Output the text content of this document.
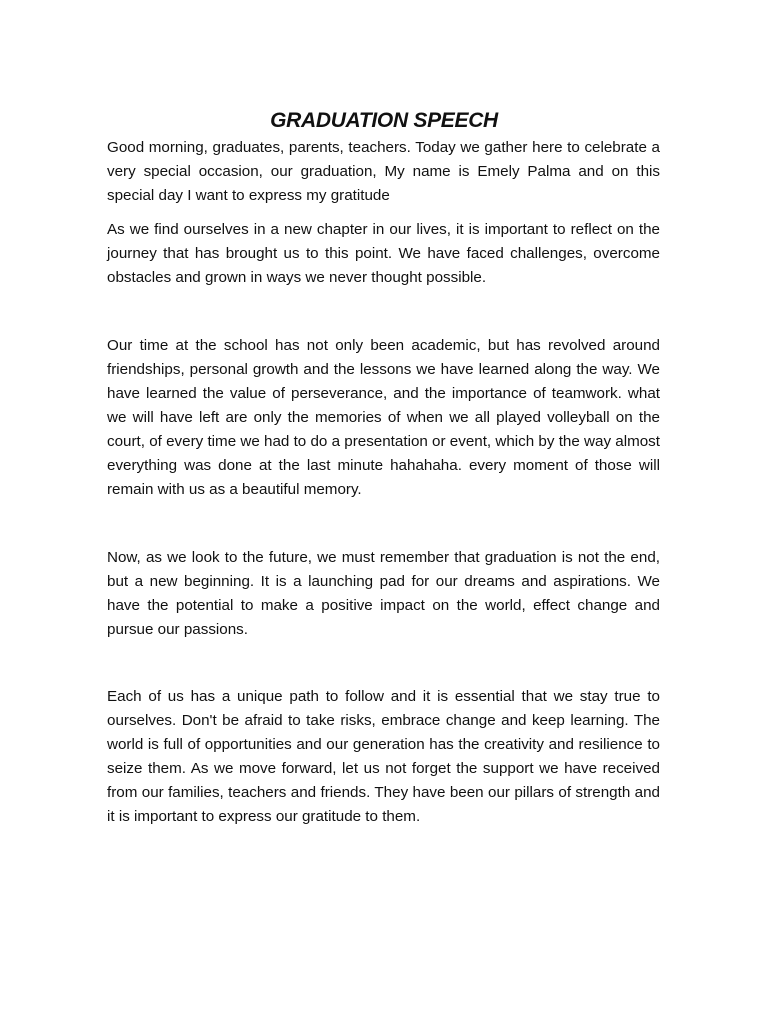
GRADUATION SPEECH

Good morning, graduates, parents, teachers. Today we gather here to celebrate a very special occasion, our graduation, My name is Emely Palma and on this special day I want to express my gratitude

As we find ourselves in a new chapter in our lives, it is important to reflect on the journey that has brought us to this point. We have faced challenges, overcome obstacles and grown in ways we never thought possible.

Our time at the school has not only been academic, but has revolved around friendships, personal growth and the lessons we have learned along the way. We have learned the value of perseverance, and the importance of teamwork. what we will have left are only the memories of when we all played volleyball on the court, of every time we had to do a presentation or event, which by the way almost everything was done at the last minute hahahaha. every moment of those will remain with us as a beautiful memory.

Now, as we look to the future, we must remember that graduation is not the end, but a new beginning. It is a launching pad for our dreams and aspirations. We have the potential to make a positive impact on the world, effect change and pursue our passions.

Each of us has a unique path to follow and it is essential that we stay true to ourselves. Don't be afraid to take risks, embrace change and keep learning. The world is full of opportunities and our generation has the creativity and resilience to seize them. As we move forward, let us not forget the support we have received from our families, teachers and friends. They have been our pillars of strength and it is important to express our gratitude to them.
